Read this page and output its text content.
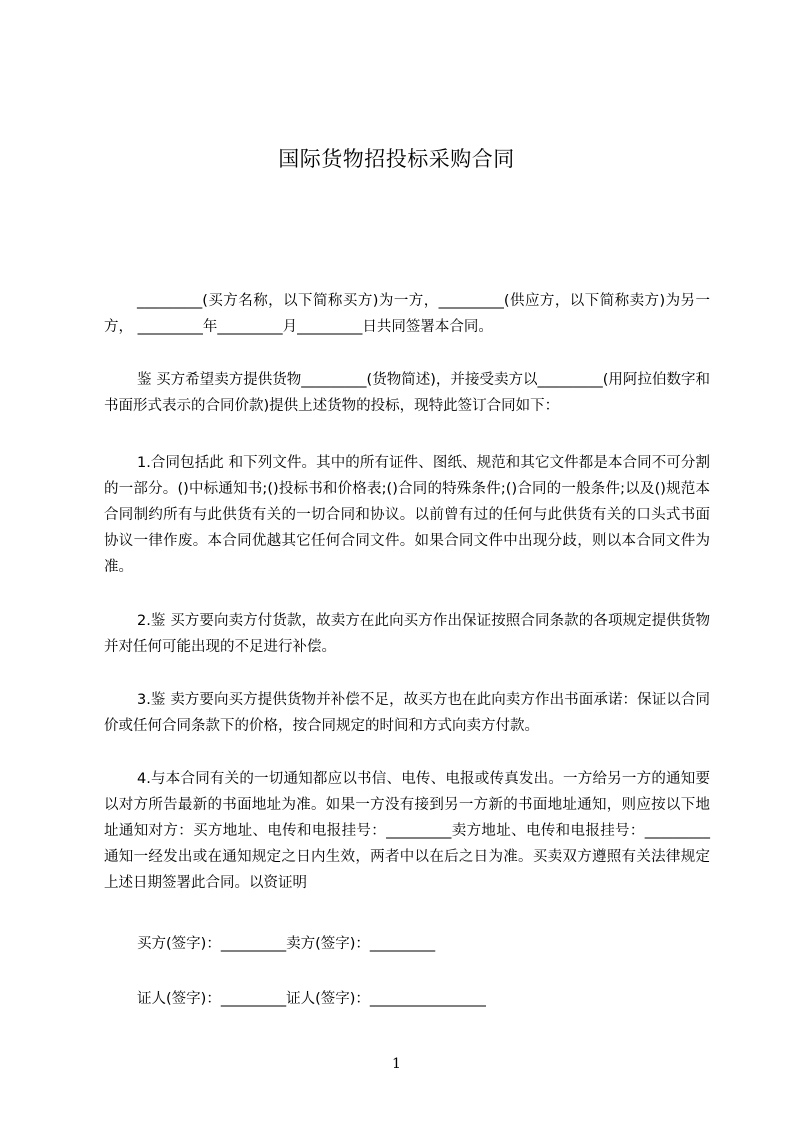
国际货物招投标采购合同

_________(买方名称，以下简称买方)为一方，_________(供应方，以下简称卖方)为另一方， _________年_________月_________日共同签署本合同。

鉴 买方希望卖方提供货物_________(货物简述)，并接受卖方以_________(用阿拉伯数字和书面形式表示的合同价款)提供上述货物的投标，现特此签订合同如下：

1.合同包括此 和下列文件。其中的所有证件、图纸、规范和其它文件都是本合同不可分割的一部分。()中标通知书;()投标书和价格表;()合同的特殊条件;()合同的一般条件;以及()规范本合同制约所有与此供货有关的一切合同和协议。以前曾有过的任何与此供货有关的口头式书面协议一律作废。本合同优越其它任何合同文件。如果合同文件中出现分歧，则以本合同文件为准。

2.鉴 买方要向卖方付货款，故卖方在此向买方作出保证按照合同条款的各项规定提供货物并对任何可能出现的不足进行补偿。

3.鉴 卖方要向买方提供货物并补偿不足，故买方也在此向卖方作出书面承诺：保证以合同价或任何合同条款下的价格，按合同规定的时间和方式向卖方付款。

4.与本合同有关的一切通知都应以书信、电传、电报或传真发出。一方给另一方的通知要以对方所告最新的书面地址为准。如果一方没有接到另一方新的书面地址通知，则应按以下地址通知对方：买方地址、电传和电报挂号：_________卖方地址、电传和电报挂号：_________通知一经发出或在通知规定之日内生效，两者中以在后之日为准。买卖双方遵照有关法律规定 上述日期签署此合同。以资证明

买方(签字)：_________卖方(签字)：_________
证人(签字)：_________证人(签字)：________________
1
